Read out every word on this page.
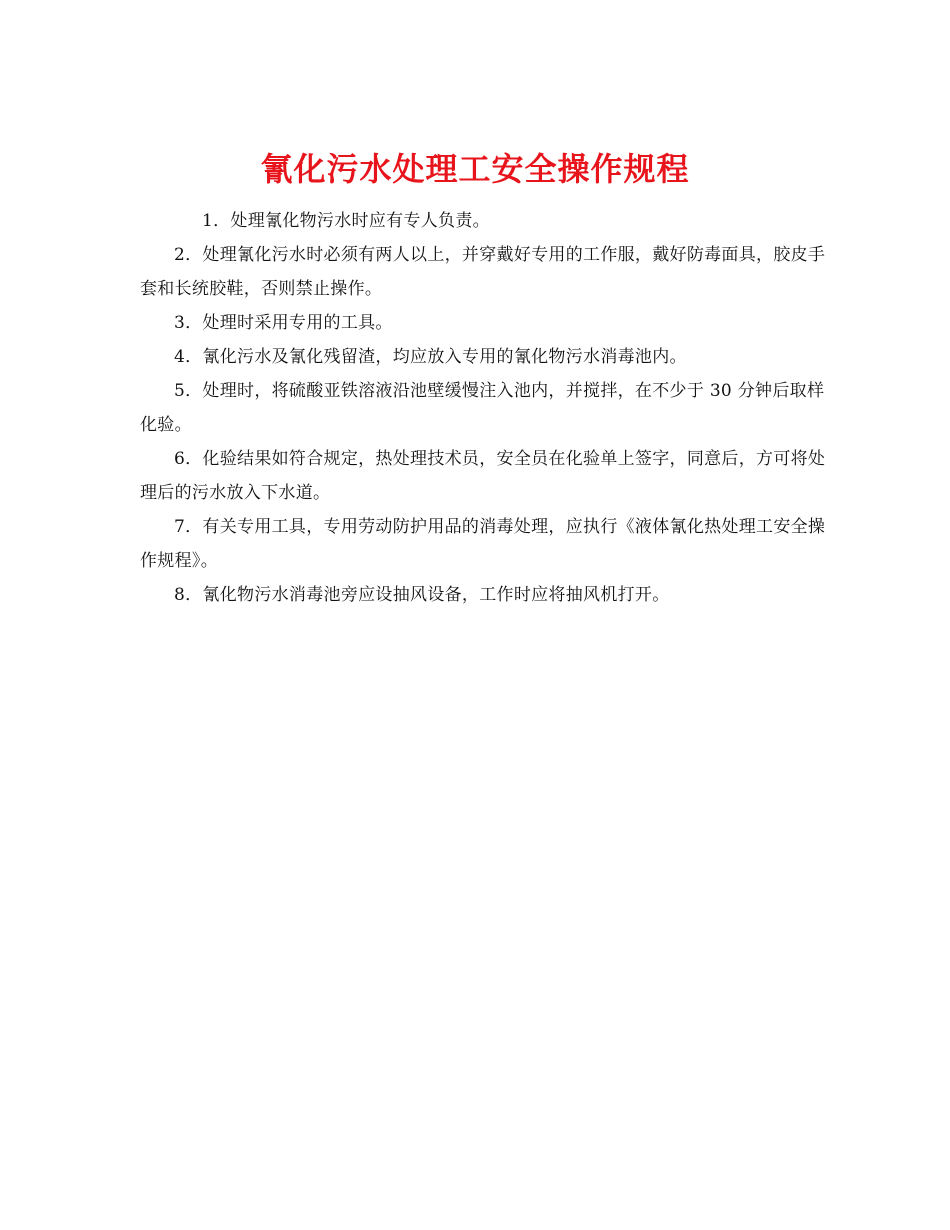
氰化污水处理工安全操作规程

1．处理氰化物污水时应有专人负责。

2．处理氰化污水时必须有两人以上，并穿戴好专用的工作服，戴好防毒面具，胶皮手套和长统胶鞋，否则禁止操作。

3．处理时采用专用的工具。

4．氰化污水及氰化残留渣，均应放入专用的氰化物污水消毒池内。

5．处理时，将硫酸亚铁溶液沿池壁缓慢注入池内，并搅拌，在不少于 30 分钟后取样化验。

6．化验结果如符合规定，热处理技术员，安全员在化验单上签字，同意后，方可将处理后的污水放入下水道。

7．有关专用工具，专用劳动防护用品的消毒处理，应执行《液体氰化热处理工安全操作规程》。

8．氰化物污水消毒池旁应设抽风设备，工作时应将抽风机打开。
